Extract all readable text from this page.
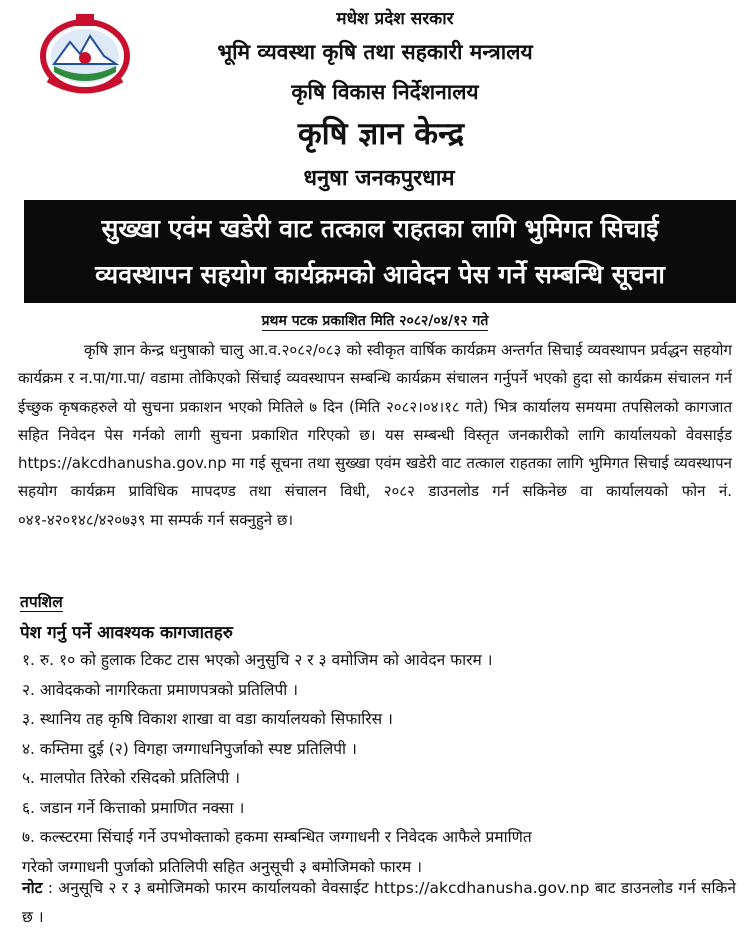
मधेश प्रदेश सरकार
भूमि व्यवस्था कृषि तथा सहकारी मन्त्रालय
कृषि विकास निर्देशनालय
कृषि ज्ञान केन्द्र
धनुषा जनकपुरधाम
सुख्खा एवंम खडेरी वाट तत्काल राहतका लागि भुमिगत सिचाई
व्यवस्थापन सहयोग कार्यक्रमको आवेदन पेस गर्ने सम्बन्धि सूचना
प्रथम पटक प्रकाशित मिति २०८२/०४/१२ गते

कृषि ज्ञान केन्द्र धनुषाको चालु आ.व.२०८२/०८३ को स्वीकृत वार्षिक कार्यक्रम अन्तर्गत सिचाई व्यवस्थापन प्रर्वद्धन सहयोग कार्यक्रम र न.पा/गा.पा/ वडामा तोकिएको सिंचाई व्यवस्थापन सम्बन्धि कार्यक्रम संचालन गर्नुपर्ने भएको हुदा सो कार्यक्रम संचालन गर्न ईच्छुक कृषकहरुले यो सुचना प्रकाशन भएको मितिले ७ दिन (मिति २०८२।०४।१८ गते) भित्र कार्यालय समयमा तपसिलको कागजात सहित निवेदन पेस गर्नको लागी सुचना प्रकाशित गरिएको छ। यस सम्बन्धी विस्तृत जनकारीको लागि कार्यालयको वेवसाईड https://akcdhanusha.gov.np मा गई सूचना तथा सुख्खा एवंम खडेरी वाट तत्काल राहतका लागि भुमिगत सिचाई व्यवस्थापन सहयोग कार्यक्रम प्राविधिक मापदण्ड तथा संचालन विधी, २०८२ डाउनलोड गर्न सकिनेछ वा कार्यालयको फोन नं. ०४१-४२०१४८/४२०७३९ मा सम्पर्क गर्न सक्नुहुने छ।

तपशिल
पेश गर्नु पर्ने आवश्यक कागजातहरु
१. रु. १० को हुलाक टिकट टास भएको अनुसुचि २ र ३ वमोजिम को आवेदन फारम ।
२. आवेदकको नागरिकता प्रमाणपत्रको प्रतिलिपी ।
३. स्थानिय तह कृषि विकाश शाखा वा वडा कार्यालयको सिफारिस ।
४. कम्तिमा दुई (२) विगहा जग्गाधनिपुर्जाको स्पष्ट प्रतिलिपी ।
५. मालपोत तिरेको रसिदको प्रतिलिपी ।
६. जडान गर्ने कित्ताको प्रमाणित नक्सा ।
७. कल्स्टरमा सिंचाई गर्ने उपभोक्ताको हकमा सम्बन्धित जग्गाधनी र निवेदक आफैले प्रमाणित
गरेको जग्गाधनी पुर्जाको प्रतिलिपी सहित अनुसूची ३ बमोजिमको फारम ।

नोट : अनुसूचि २ र ३ बमोजिमको फारम कार्यालयको वेवसाईट https://akcdhanusha.gov.np बाट डाउनलोड गर्न सकिने छ ।
